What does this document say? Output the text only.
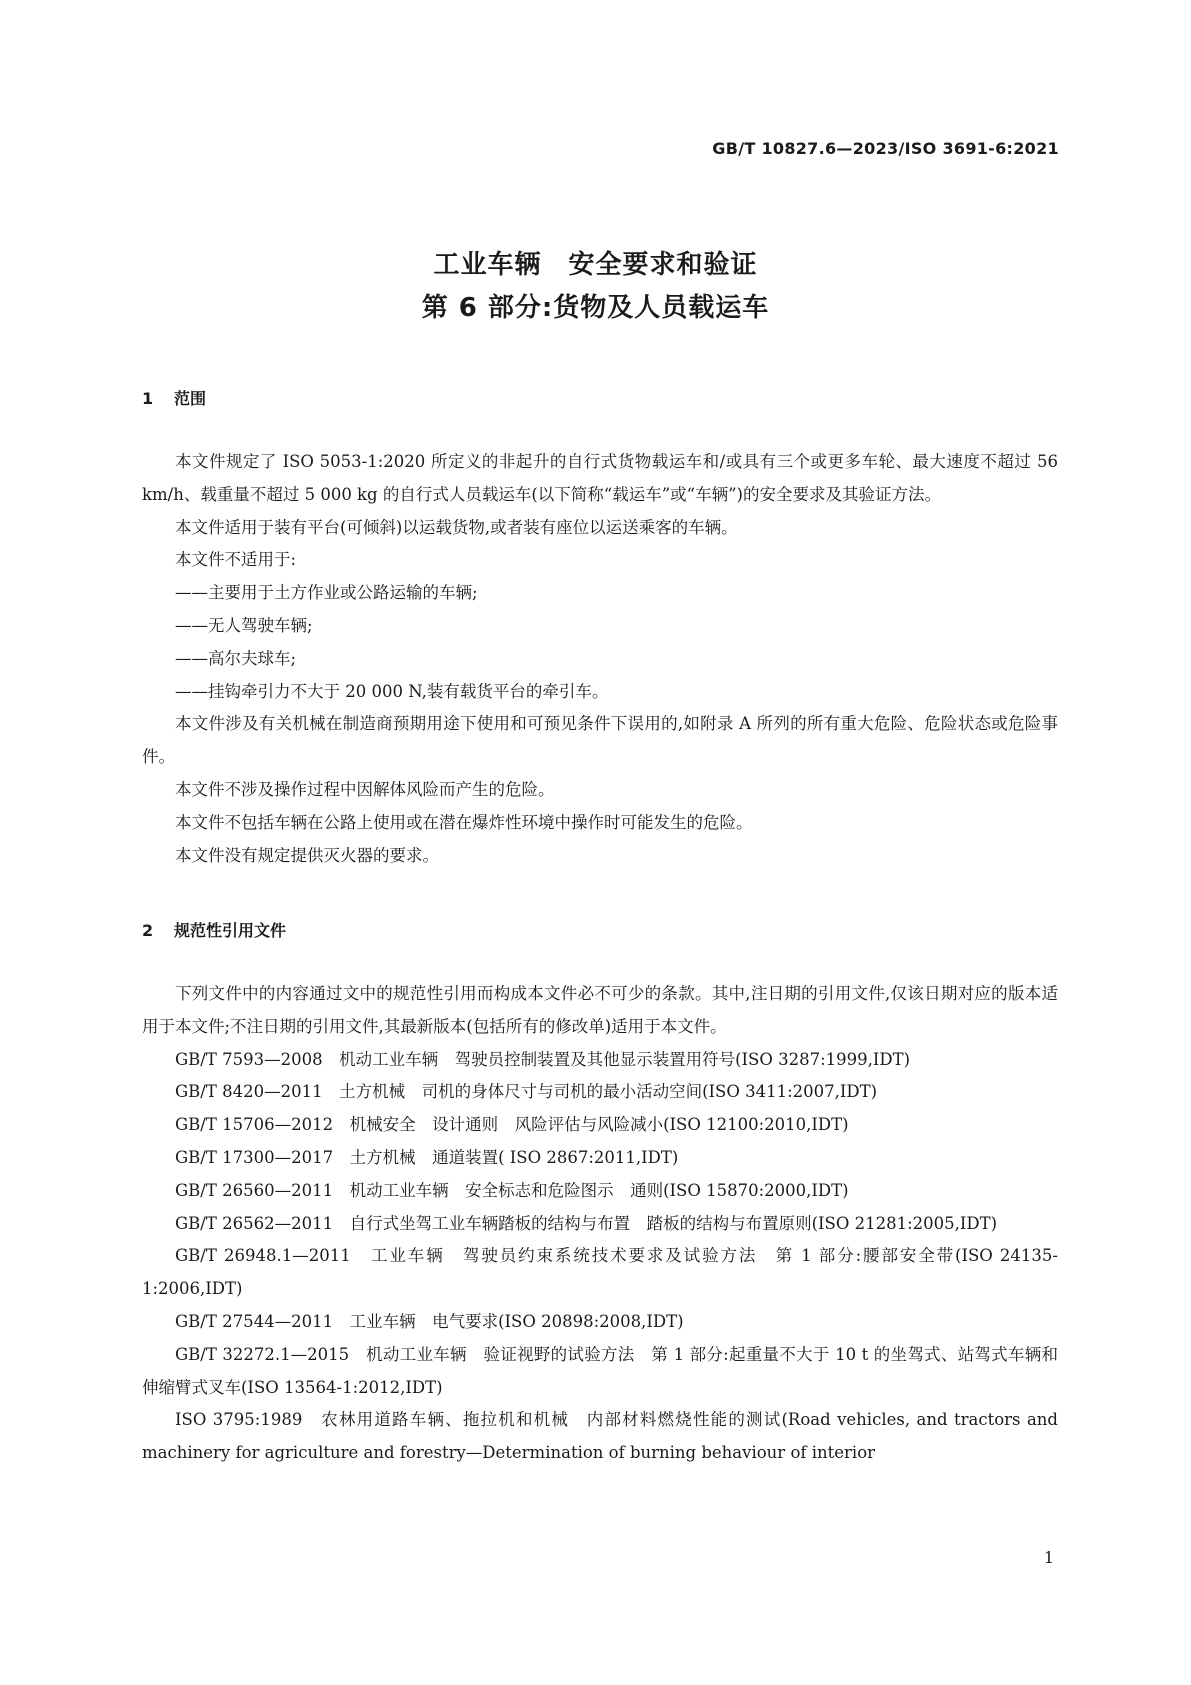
GB/T 10827.6—2023/ISO 3691-6:2021
工业车辆　安全要求和验证
第 6 部分:货物及人员载运车
1 范围

本文件规定了 ISO 5053-1:2020 所定义的非起升的自行式货物载运车和/或具有三个或更多车轮、最大速度不超过 56 km/h、载重量不超过 5 000 kg 的自行式人员载运车(以下简称“载运车”或“车辆”)的安全要求及其验证方法。

本文件适用于装有平台(可倾斜)以运载货物,或者装有座位以运送乘客的车辆。

本文件不适用于:

——主要用于土方作业或公路运输的车辆;

——无人驾驶车辆;

——高尔夫球车;

——挂钩牵引力不大于 20 000 N,装有载货平台的牵引车。

本文件涉及有关机械在制造商预期用途下使用和可预见条件下误用的,如附录 A 所列的所有重大危险、危险状态或危险事件。

本文件不涉及操作过程中因解体风险而产生的危险。

本文件不包括车辆在公路上使用或在潜在爆炸性环境中操作时可能发生的危险。

本文件没有规定提供灭火器的要求。

2 规范性引用文件

下列文件中的内容通过文中的规范性引用而构成本文件必不可少的条款。其中,注日期的引用文件,仅该日期对应的版本适用于本文件;不注日期的引用文件,其最新版本(包括所有的修改单)适用于本文件。

GB/T 7593—2008　机动工业车辆　驾驶员控制装置及其他显示装置用符号(ISO 3287:1999,IDT)

GB/T 8420—2011　土方机械　司机的身体尺寸与司机的最小活动空间(ISO 3411:2007,IDT)

GB/T 15706—2012　机械安全　设计通则　风险评估与风险减小(ISO 12100:2010,IDT)

GB/T 17300—2017　土方机械　通道装置( ISO 2867:2011,IDT)

GB/T 26560—2011　机动工业车辆　安全标志和危险图示　通则(ISO 15870:2000,IDT)

GB/T 26562—2011　自行式坐驾工业车辆踏板的结构与布置　踏板的结构与布置原则(ISO 21281:2005,IDT)

GB/T 26948.1—2011　工业车辆　驾驶员约束系统技术要求及试验方法　第 1 部分:腰部安全带(ISO 24135-1:2006,IDT)

GB/T 27544—2011　工业车辆　电气要求(ISO 20898:2008,IDT)

GB/T 32272.1—2015　机动工业车辆　验证视野的试验方法　第 1 部分:起重量不大于 10 t 的坐驾式、站驾式车辆和伸缩臂式叉车(ISO 13564-1:2012,IDT)

ISO 3795:1989　农林用道路车辆、拖拉机和机械　内部材料燃烧性能的测试(Road vehicles, and tractors and machinery for agriculture and forestry—Determination of burning behaviour of interior

1
